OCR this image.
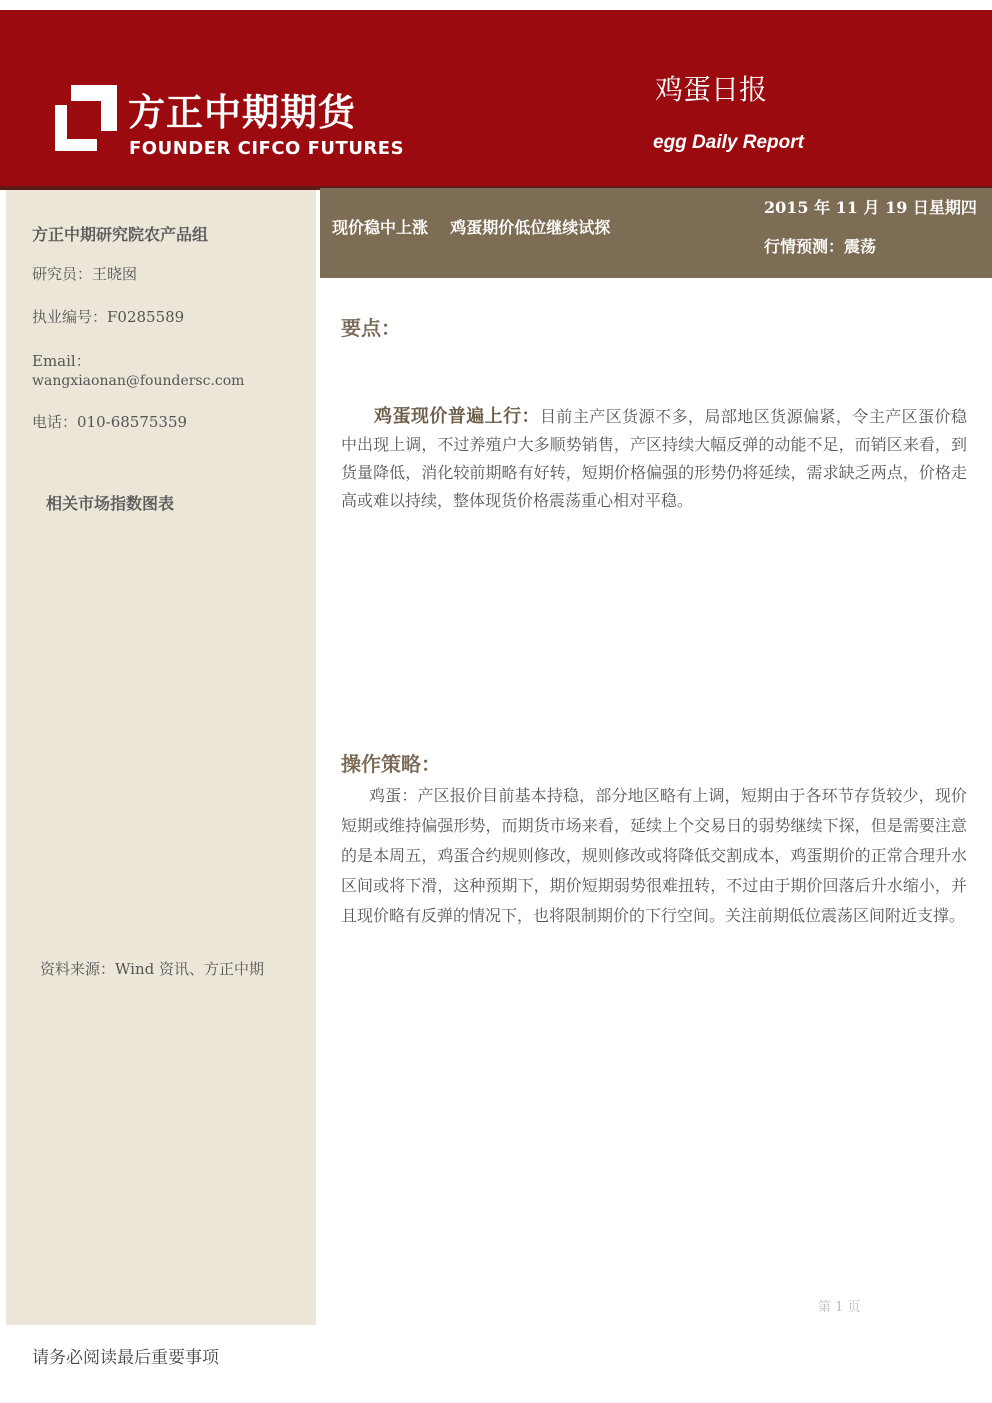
方正中期期货
FOUNDER CIFCO FUTURES
鸡蛋日报
egg Daily Report
方正中期研究院农产品组
研究员：王晓囡
执业编号：F0285589
Email：
wangxiaonan@foundersc.com
电话：010-68575359
相关市场指数图表
资料来源：Wind 资讯、方正中期
现价稳中上涨    鸡蛋期价低位继续试探
2015 年 11 月 19 日星期四
行情预测：震荡
要点：

鸡蛋现价普遍上行：目前主产区货源不多，局部地区货源偏紧，令主产区蛋价稳中出现上调，不过养殖户大多顺势销售，产区持续大幅反弹的动能不足，而销区来看，到货量降低，消化较前期略有好转，短期价格偏强的形势仍将延续，需求缺乏两点，价格走高或难以持续，整体现货价格震荡重心相对平稳。

操作策略：

鸡蛋：产区报价目前基本持稳，部分地区略有上调，短期由于各环节存货较少，现价短期或维持偏强形势，而期货市场来看，延续上个交易日的弱势继续下探，但是需要注意的是本周五，鸡蛋合约规则修改，规则修改或将降低交割成本，鸡蛋期价的正常合理升水区间或将下滑，这种预期下，期价短期弱势很难扭转，不过由于期价回落后升水缩小，并且现价略有反弹的情况下，也将限制期价的下行空间。关注前期低位震荡区间附近支撑。

第 1 页
请务必阅读最后重要事项
